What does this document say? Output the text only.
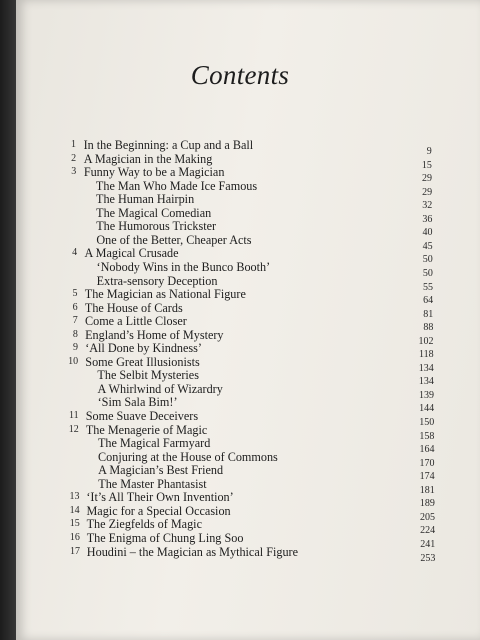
Contents
1 In the Beginning: a Cup and a Ball	9
2 A Magician in the Making	15
3 Funny Way to be a Magician	29
The Man Who Made Ice Famous	29
The Human Hairpin	32
The Magical Comedian	36
The Humorous Trickster	40
One of the Better, Cheaper Acts	45
4 A Magical Crusade	50
‘Nobody Wins in the Bunco Booth’	50
Extra-sensory Deception	55
5 The Magician as National Figure	64
6 The House of Cards	81
7 Come a Little Closer	88
8 England’s Home of Mystery	102
9 ‘All Done by Kindness’	118
10 Some Great Illusionists	134
The Selbit Mysteries	134
A Whirlwind of Wizardry	139
‘Sim Sala Bim!’	144
11 Some Suave Deceivers	150
12 The Menagerie of Magic	158
The Magical Farmyard	164
Conjuring at the House of Commons	170
A Magician’s Best Friend	174
The Master Phantasist	181
13 ‘It’s All Their Own Invention’	189
14 Magic for a Special Occasion	205
15 The Ziegfelds of Magic	224
16 The Enigma of Chung Ling Soo	241
17 Houdini – the Magician as Mythical Figure	253
